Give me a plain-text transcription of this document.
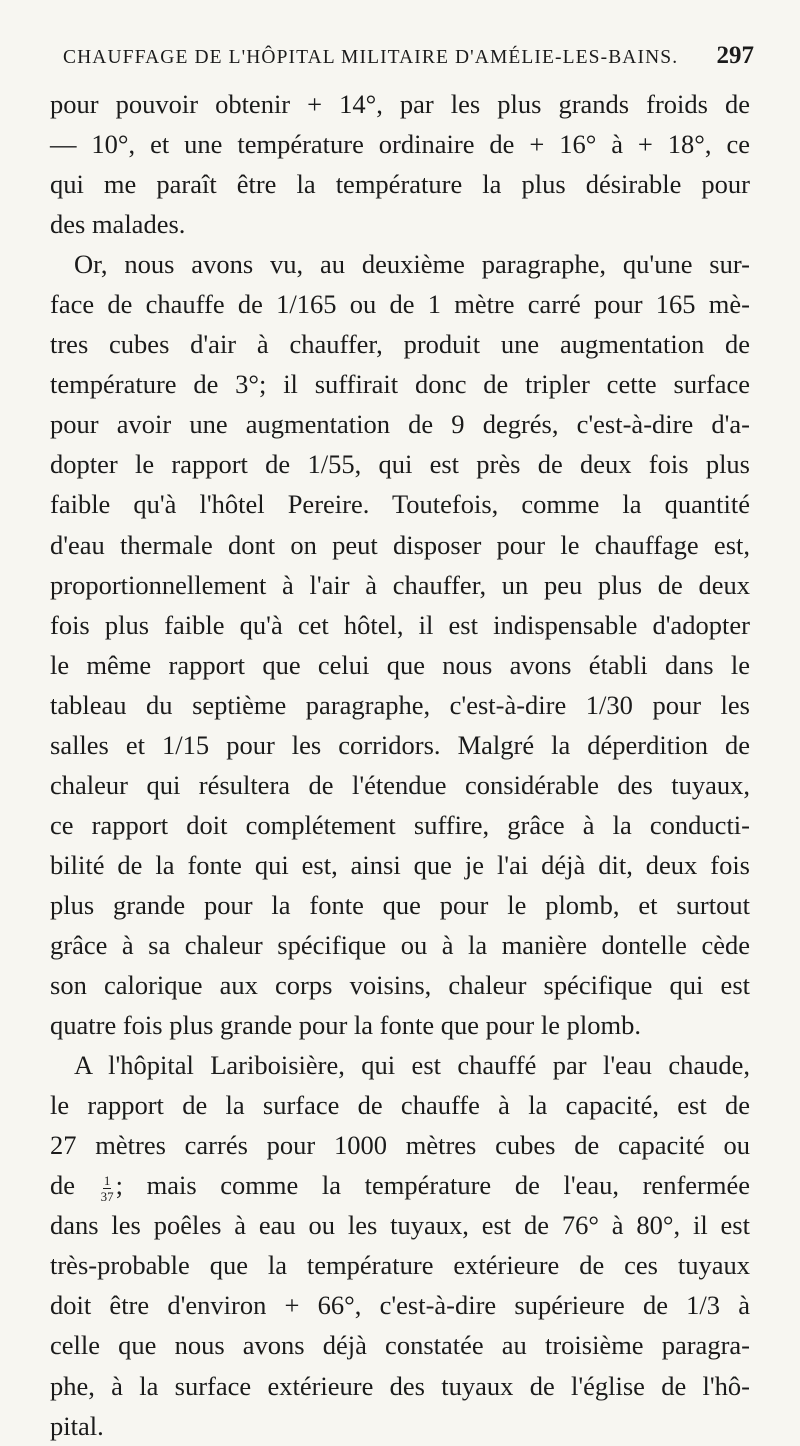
CHAUFFAGE DE L'HÔPITAL MILITAIRE D'AMÉLIE-LES-BAINS. 297
pour pouvoir obtenir + 14°, par les plus grands froids de
— 10°, et une température ordinaire de + 16° à + 18°, ce
qui me paraît être la température la plus désirable pour
des malades.
Or, nous avons vu, au deuxième paragraphe, qu'une sur-
face de chauffe de 1/165 ou de 1 mètre carré pour 165 mè-
tres cubes d'air à chauffer, produit une augmentation de
température de 3°; il suffirait donc de tripler cette surface
pour avoir une augmentation de 9 degrés, c'est-à-dire d'a-
dopter le rapport de 1/55, qui est près de deux fois plus
faible qu'à l'hôtel Pereire. Toutefois, comme la quantité
d'eau thermale dont on peut disposer pour le chauffage est,
proportionnellement à l'air à chauffer, un peu plus de deux
fois plus faible qu'à cet hôtel, il est indispensable d'adopter
le même rapport que celui que nous avons établi dans le
tableau du septième paragraphe, c'est-à-dire 1/30 pour les
salles et 1/15 pour les corridors. Malgré la déperdition de
chaleur qui résultera de l'étendue considérable des tuyaux,
ce rapport doit complétement suffire, grâce à la conducti-
bilité de la fonte qui est, ainsi que je l'ai déjà dit, deux fois
plus grande pour la fonte que pour le plomb, et surtout
grâce à sa chaleur spécifique ou à la manière dontelle cède
son calorique aux corps voisins, chaleur spécifique qui est
quatre fois plus grande pour la fonte que pour le plomb.
A l'hôpital Lariboisière, qui est chauffé par l'eau chaude,
le rapport de la surface de chauffe à la capacité, est de
27 mètres carrés pour 1000 mètres cubes de capacité ou
de $\frac{1}{37}$ ; mais comme la température de l'eau, renfermée
dans les poêles à eau ou les tuyaux, est de 76° à 80°, il est
très-probable que la température extérieure de ces tuyaux
doit être d'environ + 66°, c'est-à-dire supérieure de 1/3 à
celle que nous avons déjà constatée au troisième paragra-
phe, à la surface extérieure des tuyaux de l'église de l'hô-
pital.
